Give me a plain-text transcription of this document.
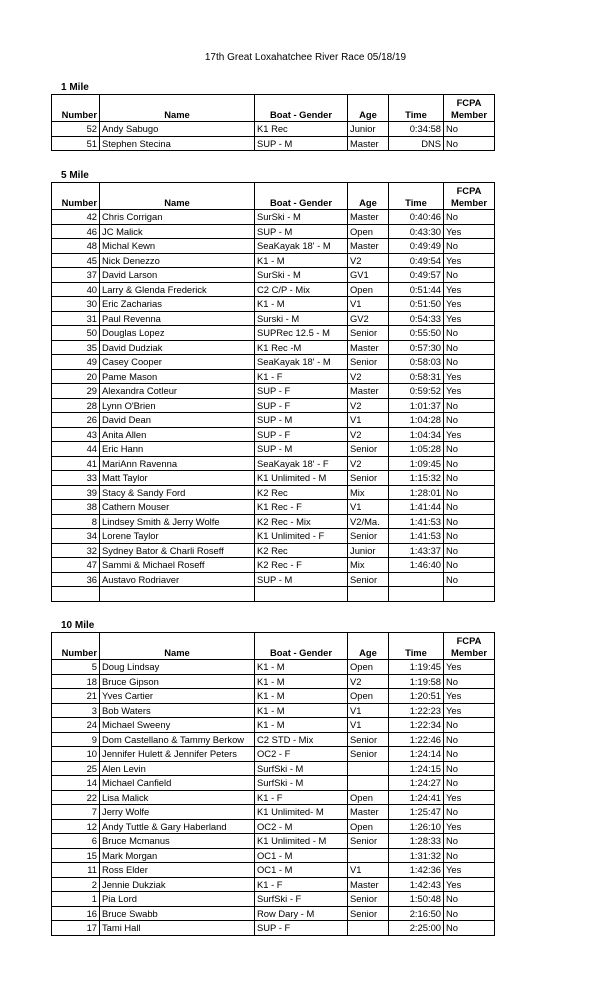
17th Great Loxahatchee River Race 05/18/19
1 Mile
Number	Name	Boat - Gender	Age	Time	FCPA
Member
52	Andy Sabugo	K1 Rec	Junior	0:34:58	No
51	Stephen Stecina	SUP - M	Master	DNS	No
5 Mile
Number	Name	Boat - Gender	Age	Time	FCPA
Member
42	Chris Corrigan	SurSki - M	Master	0:40:46	No
46	JC Malick	SUP - M	Open	0:43:30	Yes
48	Michal Kewn	SeaKayak 18' - M	Master	0:49:49	No
45	Nick Denezzo	K1 - M	V2	0:49:54	Yes
37	David Larson	SurSki - M	GV1	0:49:57	No
40	Larry & Glenda Frederick	C2 C/P - Mix	Open	0:51:44	Yes
30	Eric Zacharias	K1 - M	V1	0:51:50	Yes
31	Paul Revenna	Surski - M	GV2	0:54:33	Yes
50	Douglas Lopez	SUPRec 12.5 - M	Senior	0:55:50	No
35	David Dudziak	K1 Rec -M	Master	0:57:30	No
49	Casey Cooper	SeaKayak 18' - M	Senior	0:58:03	No
20	Pame Mason	K1 - F	V2	0:58:31	Yes
29	Alexandra Cotleur	SUP - F	Master	0:59:52	Yes
28	Lynn O'Brien	SUP - F	V2	1:01:37	No
26	David Dean	SUP - M	V1	1:04:28	No
43	Anita Allen	SUP - F	V2	1:04:34	Yes
44	Eric Hann	SUP - M	Senior	1:05:28	No
41	MariAnn Ravenna	SeaKayak 18' - F	V2	1:09:45	No
33	Matt Taylor	K1 Unlimited - M	Senior	1:15:32	No
39	Stacy & Sandy Ford	K2 Rec	Mix	1:28:01	No
38	Cathern Mouser	K1 Rec - F	V1	1:41:44	No
8	Lindsey Smith & Jerry Wolfe	K2 Rec - Mix	V2/Ma.	1:41:53	No
34	Lorene Taylor	K1 Unlimited - F	Senior	1:41:53	No
32	Sydney Bator & Charli Roseff	K2 Rec	Junior	1:43:37	No
47	Sammi & Michael Roseff	K2 Rec - F	Mix	1:46:40	No
36	Austavo Rodriaver	SUP - M	Senior		No

10 Mile
Number	Name	Boat - Gender	Age	Time	FCPA
Member
5	Doug Lindsay	K1 - M	Open	1:19:45	Yes
18	Bruce Gipson	K1 - M	V2	1:19:58	No
21	Yves Cartier	K1 - M	Open	1:20:51	Yes
3	Bob Waters	K1 - M	V1	1:22:23	Yes
24	Michael Sweeny	K1 - M	V1	1:22:34	No
9	Dom Castellano & Tammy Berkow	C2 STD - Mix	Senior	1:22:46	No
10	Jennifer Hulett & Jennifer Peters	OC2 - F	Senior	1:24:14	No
25	Alen Levin	SurfSki - M		1:24:15	No
14	Michael Canfield	SurfSki - M		1:24:27	No
22	Lisa Malick	K1 - F	Open	1:24:41	Yes
7	Jerry Wolfe	K1 Unlimited- M	Master	1:25:47	No
12	Andy Tuttle & Gary Haberland	OC2 - M	Open	1:26:10	Yes
6	Bruce Mcmanus	K1 Unlimited - M	Senior	1:28:33	No
15	Mark Morgan	OC1 - M		1:31:32	No
11	Ross Elder	OC1 - M	V1	1:42:36	Yes
2	Jennie Dukziak	K1 - F	Master	1:42:43	Yes
1	Pia Lord	SurfSki - F	Senior	1:50:48	No
16	Bruce Swabb	Row Dary - M	Senior	2:16:50	No
17	Tami Hall	SUP - F		2:25:00	No
